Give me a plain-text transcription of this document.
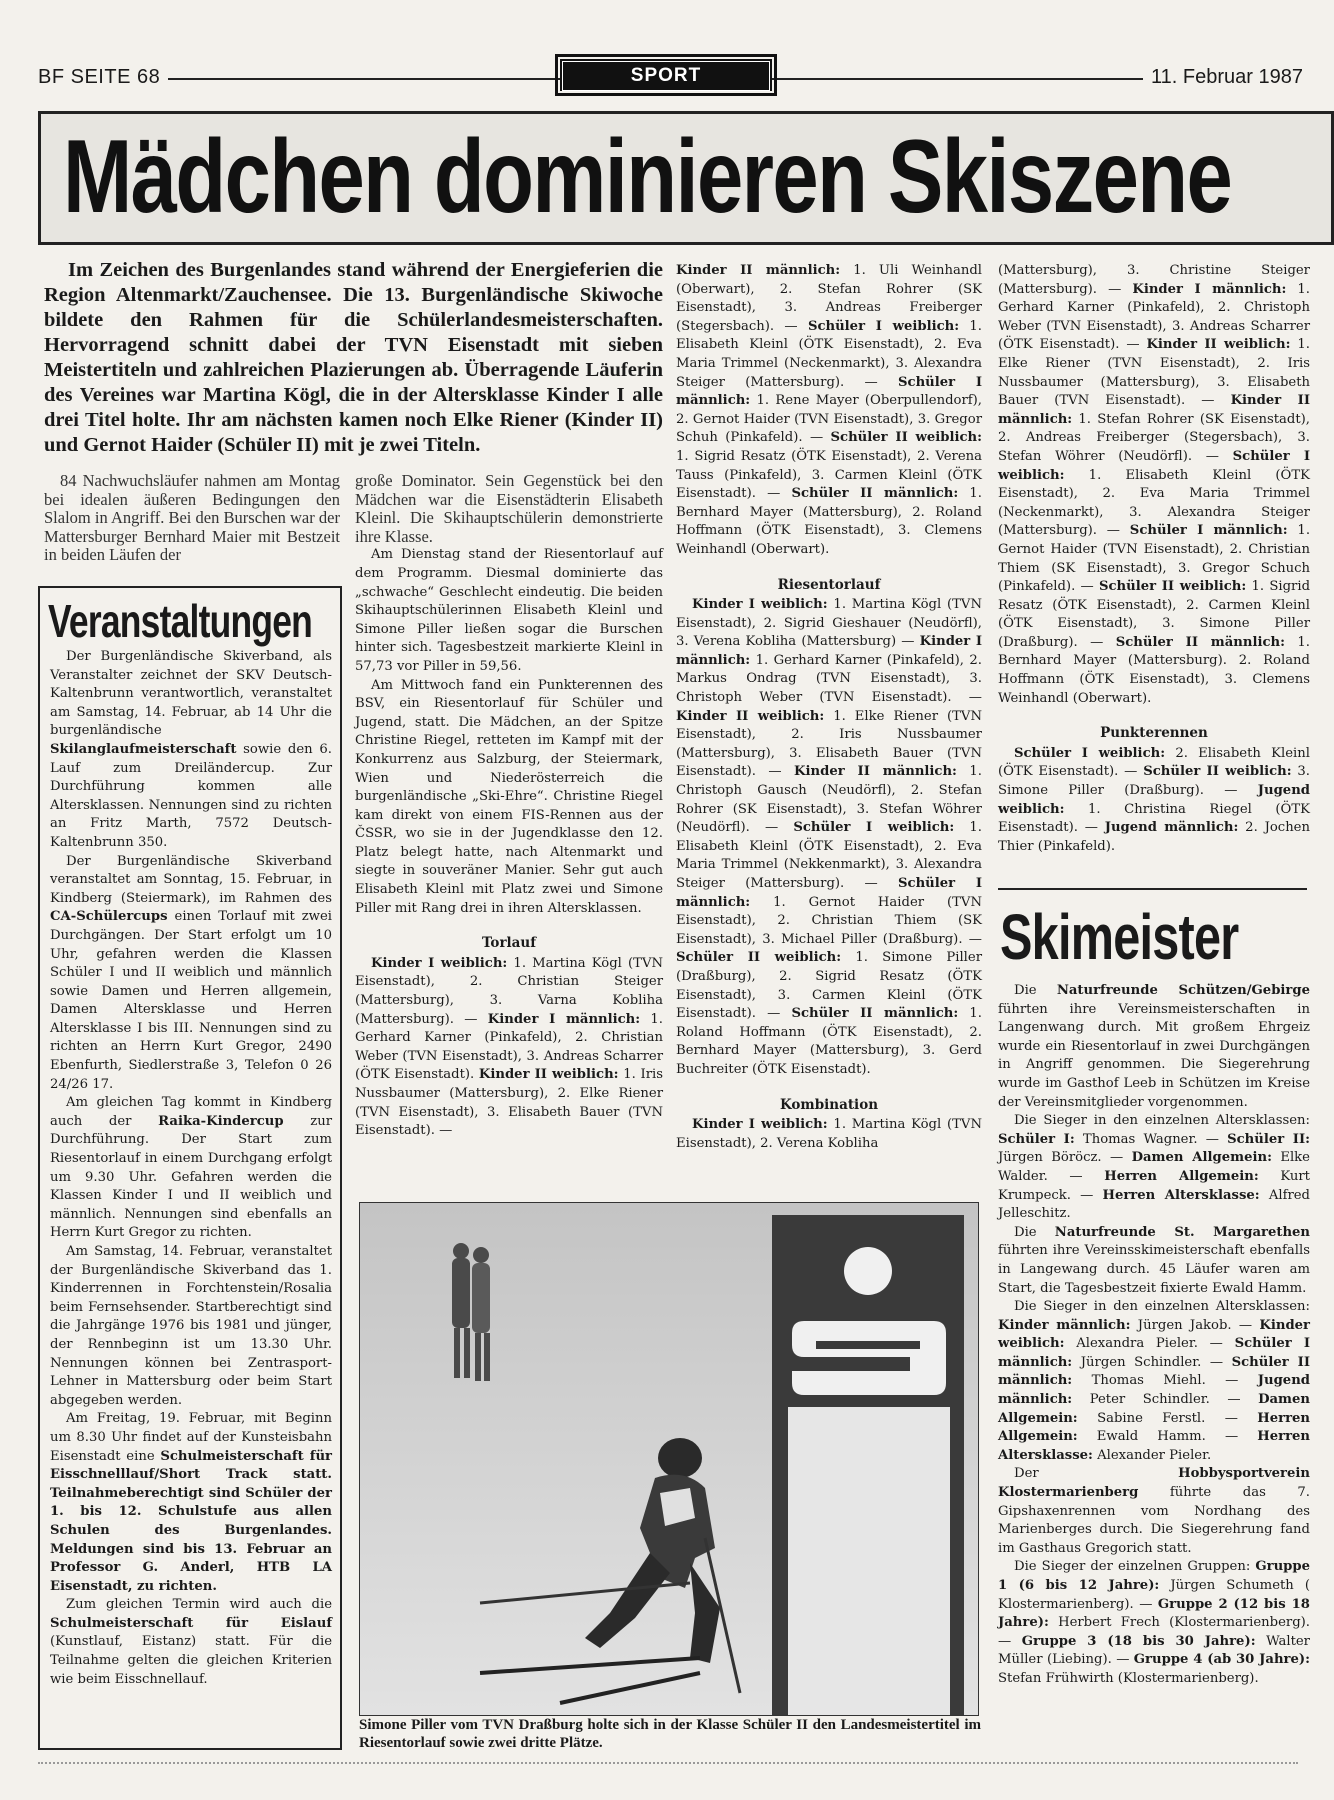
BF SEITE 68	SPORT	11. Februar 1987
Mädchen dominieren Skiszene

Im Zeichen des Burgenlandes stand während der Energieferien die Region Altenmarkt/Zauchensee. Die 13. Burgenländische Skiwoche bildete den Rahmen für die Schülerlandesmeisterschaften. Hervorragend schnitt dabei der TVN Eisenstadt mit sieben Meistertiteln und zahlreichen Plazierungen ab. Überragende Läuferin des Vereines war Martina Kögl, die in der Altersklasse Kinder I alle drei Titel holte. Ihr am nächsten kamen noch Elke Riener (Kinder II) und Gernot Haider (Schüler II) mit je zwei Titeln.

84 Nachwuchsläufer nahmen am Montag bei idealen äußeren Bedingungen den Slalom in Angriff. Bei den Burschen war der Mattersburger Bernhard Maier mit Bestzeit in beiden Läufen der

Veranstaltungen

Der Burgenländische Skiverband, als Veranstalter zeichnet der SKV Deutsch-Kaltenbrunn verantwortlich, veranstaltet am Samstag, 14. Februar, ab 14 Uhr die burgenländische Skilanglaufmeisterschaft sowie den 6. Lauf zum Dreiländercup. Zur Durchführung kommen alle Altersklassen. Nennungen sind zu richten an Fritz Marth, 7572 Deutsch-Kaltenbrunn 350.

Der Burgenländische Skiverband veranstaltet am Sonntag, 15. Februar, in Kindberg (Steiermark), im Rahmen des CA-Schülercups einen Torlauf mit zwei Durchgängen. Der Start erfolgt um 10 Uhr, gefahren werden die Klassen Schüler I und II weiblich und männlich sowie Damen und Herren allgemein, Damen Altersklasse und Herren Altersklasse I bis III. Nennungen sind zu richten an Herrn Kurt Gregor, 2490 Ebenfurth, Siedlerstraße 3, Telefon 0 26 24/26 17.

Am gleichen Tag kommt in Kindberg auch der Raika-Kindercup zur Durchführung. Der Start zum Riesentorlauf in einem Durchgang erfolgt um 9.30 Uhr. Gefahren werden die Klassen Kinder I und II weiblich und männlich. Nennungen sind ebenfalls an Herrn Kurt Gregor zu richten.

Am Samstag, 14. Februar, veranstaltet der Burgenländische Skiverband das 1. Kinderrennen in Forchtenstein/Rosalia beim Fernsehsender. Startberechtigt sind die Jahrgänge 1976 bis 1981 und jünger, der Rennbeginn ist um 13.30 Uhr. Nennungen können bei Zentrasport-Lehner in Mattersburg oder beim Start abgegeben werden.

Am Freitag, 19. Februar, mit Beginn um 8.30 Uhr findet auf der Kunsteisbahn Eisenstadt eine Schulmeisterschaft für Eisschnelllauf/Short Track statt. Teilnahmeberechtigt sind Schüler der 1. bis 12. Schulstufe aus allen Schulen des Burgenlandes. Meldungen sind bis 13. Februar an Professor G. Anderl, HTB LA Eisenstadt, zu richten.

Zum gleichen Termin wird auch die Schulmeisterschaft für Eislauf (Kunstlauf, Eistanz) statt. Für die Teilnahme gelten die gleichen Kriterien wie beim Eisschnellauf.

große Dominator. Sein Gegenstück bei den Mädchen war die Eisenstädterin Elisabeth Kleinl. Die Skihauptschülerin demonstrierte ihre Klasse.

Am Dienstag stand der Riesentorlauf auf dem Programm. Diesmal dominierte das „schwache“ Geschlecht eindeutig. Die beiden Skihauptschülerinnen Elisabeth Kleinl und Simone Piller ließen sogar die Burschen hinter sich. Tagesbestzeit markierte Kleinl in 57,73 vor Piller in 59,56.

Am Mittwoch fand ein Punkterennen des BSV, ein Riesentorlauf für Schüler und Jugend, statt. Die Mädchen, an der Spitze Christine Riegel, retteten im Kampf mit der Konkurrenz aus Salzburg, der Steiermark, Wien und Niederösterreich die burgenländische „Ski-Ehre“. Christine Riegel kam direkt von einem FIS-Rennen aus der ČSSR, wo sie in der Jugendklasse den 12. Platz belegt hatte, nach Altenmarkt und siegte in souveräner Manier. Sehr gut auch Elisabeth Kleinl mit Platz zwei und Simone Piller mit Rang drei in ihren Altersklassen.

Torlauf

Kinder I weiblich: 1. Martina Kögl (TVN Eisenstadt), 2. Christian Steiger (Mattersburg), 3. Varna Kobliha (Mattersburg). — Kinder I männlich: 1. Gerhard Karner (Pinkafeld), 2. Christian Weber (TVN Eisenstadt), 3. Andreas Scharrer (ÖTK Eisenstadt). Kinder II weiblich: 1. Iris Nussbaumer (Mattersburg), 2. Elke Riener (TVN Eisenstadt), 3. Elisabeth Bauer (TVN Eisenstadt). —

Kinder II männlich: 1. Uli Weinhandl (Oberwart), 2. Stefan Rohrer (SK Eisenstadt), 3. Andreas Freiberger (Stegersbach). — Schüler I weiblich: 1. Elisabeth Kleinl (ÖTK Eisenstadt), 2. Eva Maria Trimmel (Neckenmarkt), 3. Alexandra Steiger (Mattersburg). — Schüler I männlich: 1. Rene Mayer (Oberpullendorf), 2. Gernot Haider (TVN Eisenstadt), 3. Gregor Schuh (Pinkafeld). — Schüler II weiblich: 1. Sigrid Resatz (ÖTK Eisenstadt), 2. Verena Tauss (Pinkafeld), 3. Carmen Kleinl (ÖTK Eisenstadt). — Schüler II männlich: 1. Bernhard Mayer (Mattersburg), 2. Roland Hoffmann (ÖTK Eisenstadt), 3. Clemens Weinhandl (Oberwart).

Riesentorlauf

Kinder I weiblich: 1. Martina Kögl (TVN Eisenstadt), 2. Sigrid Gieshauer (Neudörfl), 3. Verena Kobliha (Mattersburg) — Kinder I männlich: 1. Gerhard Karner (Pinkafeld), 2. Markus Ondrag (TVN Eisenstadt), 3. Christoph Weber (TVN Eisenstadt). — Kinder II weiblich: 1. Elke Riener (TVN Eisenstadt), 2. Iris Nussbaumer (Mattersburg), 3. Elisabeth Bauer (TVN Eisenstadt). — Kinder II männlich: 1. Christoph Gausch (Neudörfl), 2. Stefan Rohrer (SK Eisenstadt), 3. Stefan Wöhrer (Neudörfl). — Schüler I weiblich: 1. Elisabeth Kleinl (ÖTK Eisenstadt), 2. Eva Maria Trimmel (Nekkenmarkt), 3. Alexandra Steiger (Mattersburg). — Schüler I männlich: 1. Gernot Haider (TVN Eisenstadt), 2. Christian Thiem (SK Eisenstadt), 3. Michael Piller (Draßburg). — Schüler II weiblich: 1. Simone Piller (Draßburg), 2. Sigrid Resatz (ÖTK Eisenstadt), 3. Carmen Kleinl (ÖTK Eisenstadt). — Schüler II männlich: 1. Roland Hoffmann (ÖTK Eisenstadt), 2. Bernhard Mayer (Mattersburg), 3. Gerd Buchreiter (ÖTK Eisenstadt).

Kombination

Kinder I weiblich: 1. Martina Kögl (TVN Eisenstadt), 2. Verena Kobliha

(Mattersburg), 3. Christine Steiger (Mattersburg). — Kinder I männlich: 1. Gerhard Karner (Pinkafeld), 2. Christoph Weber (TVN Eisenstadt), 3. Andreas Scharrer (ÖTK Eisenstadt). — Kinder II weiblich: 1. Elke Riener (TVN Eisenstadt), 2. Iris Nussbaumer (Mattersburg), 3. Elisabeth Bauer (TVN Eisenstadt). — Kinder II männlich: 1. Stefan Rohrer (SK Eisenstadt), 2. Andreas Freiberger (Stegersbach), 3. Stefan Wöhrer (Neudörfl). — Schüler I weiblich: 1. Elisabeth Kleinl (ÖTK Eisenstadt), 2. Eva Maria Trimmel (Neckenmarkt), 3. Alexandra Steiger (Mattersburg). — Schüler I männlich: 1. Gernot Haider (TVN Eisenstadt), 2. Christian Thiem (SK Eisenstadt), 3. Gregor Schuch (Pinkafeld). — Schüler II weiblich: 1. Sigrid Resatz (ÖTK Eisenstadt), 2. Carmen Kleinl (ÖTK Eisenstadt), 3. Simone Piller (Draßburg). — Schüler II männlich: 1. Bernhard Mayer (Mattersburg). 2. Roland Hoffmann (ÖTK Eisenstadt), 3. Clemens Weinhandl (Oberwart).

Punkterennen

Schüler I weiblich: 2. Elisabeth Kleinl (ÖTK Eisenstadt). — Schüler II weiblich: 3. Simone Piller (Draßburg). — Jugend weiblich: 1. Christina Riegel (ÖTK Eisenstadt). — Jugend männlich: 2. Jochen Thier (Pinkafeld).

Skimeister

Die Naturfreunde Schützen/Gebirge führten ihre Vereinsmeisterschaften in Langenwang durch. Mit großem Ehrgeiz wurde ein Riesentorlauf in zwei Durchgängen in Angriff genommen. Die Siegerehrung wurde im Gasthof Leeb in Schützen im Kreise der Vereinsmitglieder vorgenommen.

Die Sieger in den einzelnen Altersklassen: Schüler I: Thomas Wagner. — Schüler II: Jürgen Böröcz. — Damen Allgemein: Elke Walder. — Herren Allgemein: Kurt Krumpeck. — Herren Altersklasse: Alfred Jelleschitz.

Die Naturfreunde St. Margarethen führten ihre Vereinsskimeisterschaft ebenfalls in Langewang durch. 45 Läufer waren am Start, die Tagesbestzeit fixierte Ewald Hamm.

Die Sieger in den einzelnen Altersklassen: Kinder männlich: Jürgen Jakob. — Kinder weiblich: Alexandra Pieler. — Schüler I männlich: Jürgen Schindler. — Schüler II männlich: Thomas Miehl. — Jugend männlich: Peter Schindler. — Damen Allgemein: Sabine Ferstl. — Herren Allgemein: Ewald Hamm. — Herren Altersklasse: Alexander Pieler.

Der Hobbysportverein Klostermarienberg führte das 7. Gipshaxenrennen vom Nordhang des Marienberges durch. Die Siegerehrung fand im Gasthaus Gregorich statt.

Die Sieger der einzelnen Gruppen: Gruppe 1 (6 bis 12 Jahre): Jürgen Schumeth ( Klostermarienberg). — Gruppe 2 (12 bis 18 Jahre): Herbert Frech (Klostermarienberg). — Gruppe 3 (18 bis 30 Jahre): Walter Müller (Liebing). — Gruppe 4 (ab 30 Jahre): Stefan Frühwirth (Klostermarienberg).

Simone Piller vom TVN Draßburg holte sich in der Klasse Schüler II den Landesmeistertitel im Riesentorlauf sowie zwei dritte Plätze.
